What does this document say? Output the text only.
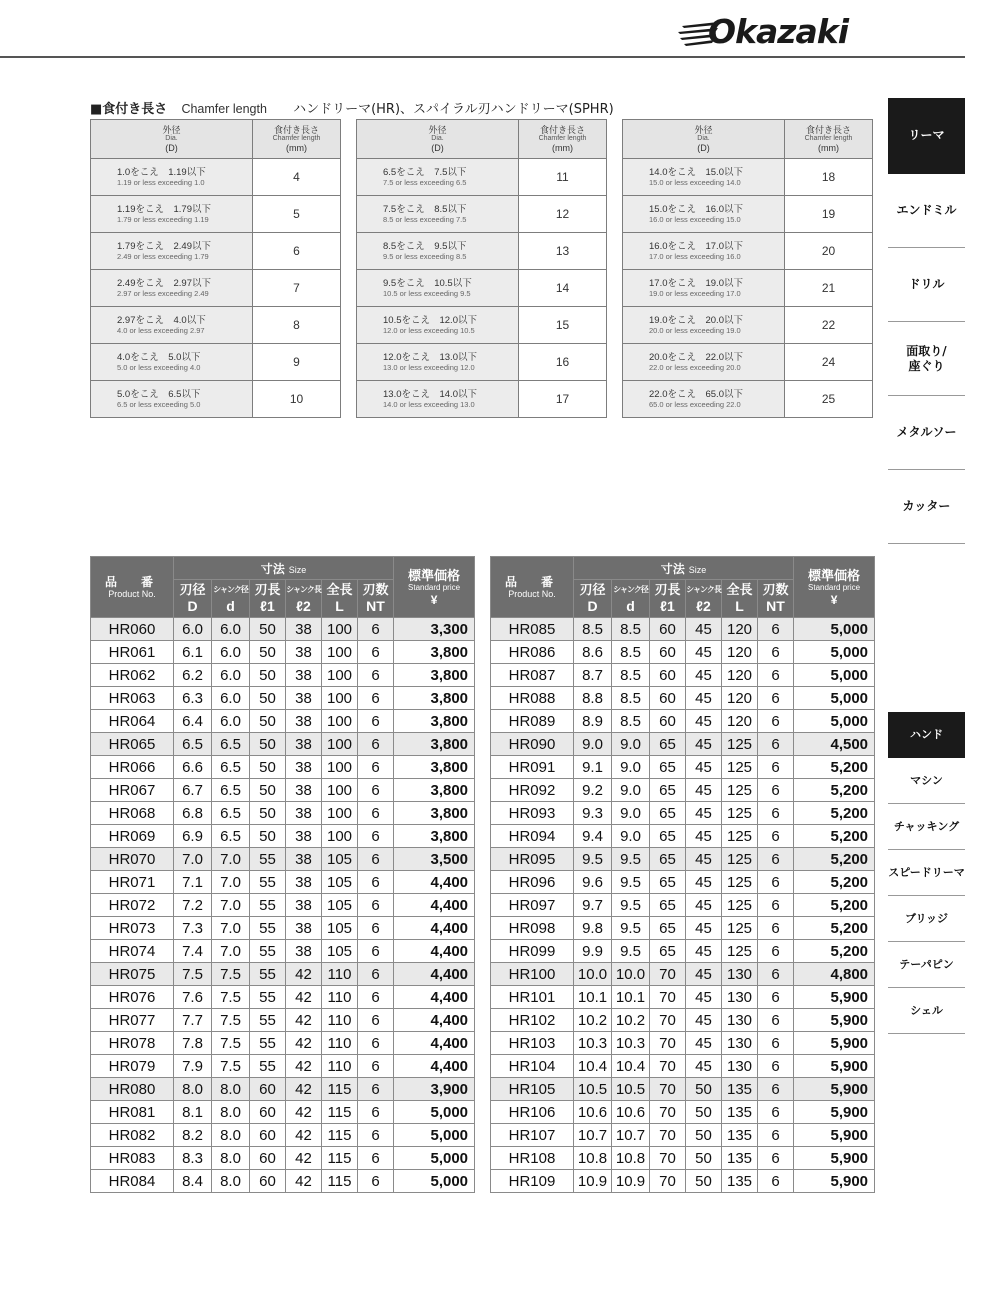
Okazaki
■食付き長さ Chamfer length ハンドリーマ(HR)、スパイラル刃ハンドリーマ(SPHR)
外径
Dia.
(D)	食付き長さ
Chamfer length
(mm)

1.0をこえ　1.19以下
1.19 or less exceeding 1.0	4

1.19をこえ　1.79以下
1.79 or less exceeding 1.19	5

1.79をこえ　2.49以下
2.49 or less exceeding 1.79	6

2.49をこえ　2.97以下
2.97 or less exceeding 2.49	7

2.97をこえ　4.0以下
4.0 or less exceeding 2.97	8

4.0をこえ　5.0以下
5.0 or less exceeding 4.0	9

5.0をこえ　6.5以下
6.5 or less exceeding 5.0	10
外径
Dia.
(D)	食付き長さ
Chamfer length
(mm)

6.5をこえ　7.5以下
7.5 or less exceeding 6.5	11

7.5をこえ　8.5以下
8.5 or less exceeding 7.5	12

8.5をこえ　9.5以下
9.5 or less exceeding 8.5	13

9.5をこえ　10.5以下
10.5 or less exceeding 9.5	14

10.5をこえ　12.0以下
12.0 or less exceeding 10.5	15

12.0をこえ　13.0以下
13.0 or less exceeding 12.0	16

13.0をこえ　14.0以下
14.0 or less exceeding 13.0	17
外径
Dia.
(D)	食付き長さ
Chamfer length
(mm)

14.0をこえ　15.0以下
15.0 or less exceeding 14.0	18

15.0をこえ　16.0以下
16.0 or less exceeding 15.0	19

16.0をこえ　17.0以下
17.0 or less exceeding 16.0	20

17.0をこえ　19.0以下
19.0 or less exceeding 17.0	21

19.0をこえ　20.0以下
20.0 or less exceeding 19.0	22

20.0をこえ　22.0以下
22.0 or less exceeding 20.0	24

22.0をこえ　65.0以下
65.0 or less exceeding 22.0	25
品　番
Product No.	寸法 Size						標準価格
Standard price
¥

	刃径
D	シャンク径
d	刃長
ℓ1	シャンク長
ℓ2	全長
L	刃数
NT	

HR060	6.0	6.0	50	38	100	6	3,300
HR061	6.1	6.0	50	38	100	6	3,800
HR062	6.2	6.0	50	38	100	6	3,800
HR063	6.3	6.0	50	38	100	6	3,800
HR064	6.4	6.0	50	38	100	6	3,800
HR065	6.5	6.5	50	38	100	6	3,800
HR066	6.6	6.5	50	38	100	6	3,800
HR067	6.7	6.5	50	38	100	6	3,800
HR068	6.8	6.5	50	38	100	6	3,800
HR069	6.9	6.5	50	38	100	6	3,800
HR070	7.0	7.0	55	38	105	6	3,500
HR071	7.1	7.0	55	38	105	6	4,400
HR072	7.2	7.0	55	38	105	6	4,400
HR073	7.3	7.0	55	38	105	6	4,400
HR074	7.4	7.0	55	38	105	6	4,400
HR075	7.5	7.5	55	42	110	6	4,400
HR076	7.6	7.5	55	42	110	6	4,400
HR077	7.7	7.5	55	42	110	6	4,400
HR078	7.8	7.5	55	42	110	6	4,400
HR079	7.9	7.5	55	42	110	6	4,400
HR080	8.0	8.0	60	42	115	6	3,900
HR081	8.1	8.0	60	42	115	6	5,000
HR082	8.2	8.0	60	42	115	6	5,000
HR083	8.3	8.0	60	42	115	6	5,000
HR084	8.4	8.0	60	42	115	6	5,000
品　番
Product No.	寸法 Size						標準価格
Standard price
¥

	刃径
D	シャンク径
d	刃長
ℓ1	シャンク長
ℓ2	全長
L	刃数
NT	

HR085	8.5	8.5	60	45	120	6	5,000
HR086	8.6	8.5	60	45	120	6	5,000
HR087	8.7	8.5	60	45	120	6	5,000
HR088	8.8	8.5	60	45	120	6	5,000
HR089	8.9	8.5	60	45	120	6	5,000
HR090	9.0	9.0	65	45	125	6	4,500
HR091	9.1	9.0	65	45	125	6	5,200
HR092	9.2	9.0	65	45	125	6	5,200
HR093	9.3	9.0	65	45	125	6	5,200
HR094	9.4	9.0	65	45	125	6	5,200
HR095	9.5	9.5	65	45	125	6	5,200
HR096	9.6	9.5	65	45	125	6	5,200
HR097	9.7	9.5	65	45	125	6	5,200
HR098	9.8	9.5	65	45	125	6	5,200
HR099	9.9	9.5	65	45	125	6	5,200
HR100	10.0	10.0	70	45	130	6	4,800
HR101	10.1	10.1	70	45	130	6	5,900
HR102	10.2	10.2	70	45	130	6	5,900
HR103	10.3	10.3	70	45	130	6	5,900
HR104	10.4	10.4	70	45	130	6	5,900
HR105	10.5	10.5	70	50	135	6	5,900
HR106	10.6	10.6	70	50	135	6	5,900
HR107	10.7	10.7	70	50	135	6	5,900
HR108	10.8	10.8	70	50	135	6	5,900
HR109	10.9	10.9	70	50	135	6	5,900
リーマ
エンドミル
ドリル
面取り/
座ぐり
メタルソー
カッター
ハンド
マシン
チャッキング
スピードリーマ
ブリッジ
テーパピン
シェル
